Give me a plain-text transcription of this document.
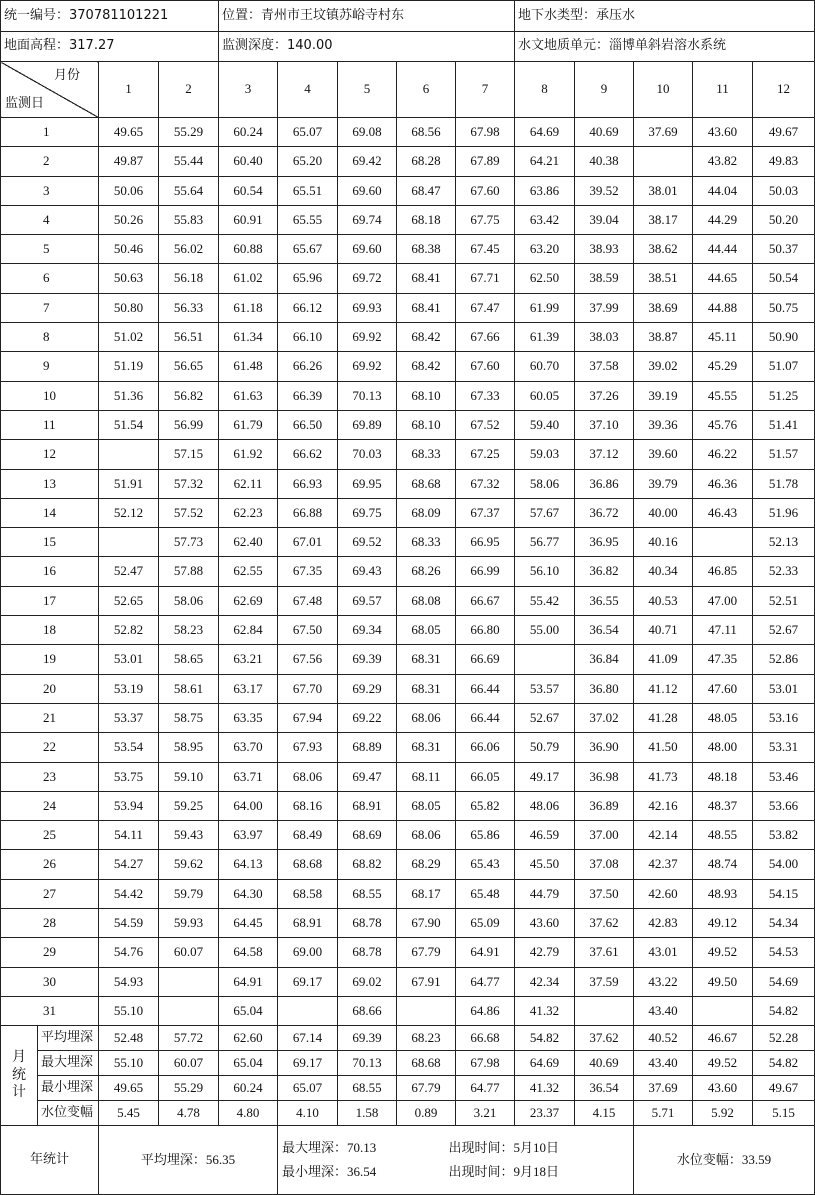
统一编号：370781101221				位置：青州市王坟镇苏峪寺村东					地下水类型：承压水				
地面高程：317.27				监测深度：140.00					水文地质单元：淄博单斜岩溶水系统				

月份
监测日		1	2	3	4	5	6	7	8	9	10	11	12
1		49.65	55.29	60.24	65.07	69.08	68.56	67.98	64.69	40.69	37.69	43.60	49.67
2		49.87	55.44	60.40	65.20	69.42	68.28	67.89	64.21	40.38		43.82	49.83
3		50.06	55.64	60.54	65.51	69.60	68.47	67.60	63.86	39.52	38.01	44.04	50.03
4		50.26	55.83	60.91	65.55	69.74	68.18	67.75	63.42	39.04	38.17	44.29	50.20
5		50.46	56.02	60.88	65.67	69.60	68.38	67.45	63.20	38.93	38.62	44.44	50.37
6		50.63	56.18	61.02	65.96	69.72	68.41	67.71	62.50	38.59	38.51	44.65	50.54
7		50.80	56.33	61.18	66.12	69.93	68.41	67.47	61.99	37.99	38.69	44.88	50.75
8		51.02	56.51	61.34	66.10	69.92	68.42	67.66	61.39	38.03	38.87	45.11	50.90
9		51.19	56.65	61.48	66.26	69.92	68.42	67.60	60.70	37.58	39.02	45.29	51.07
10		51.36	56.82	61.63	66.39	70.13	68.10	67.33	60.05	37.26	39.19	45.55	51.25
11		51.54	56.99	61.79	66.50	69.89	68.10	67.52	59.40	37.10	39.36	45.76	51.41
12			57.15	61.92	66.62	70.03	68.33	67.25	59.03	37.12	39.60	46.22	51.57
13		51.91	57.32	62.11	66.93	69.95	68.68	67.32	58.06	36.86	39.79	46.36	51.78
14		52.12	57.52	62.23	66.88	69.75	68.09	67.37	57.67	36.72	40.00	46.43	51.96
15			57.73	62.40	67.01	69.52	68.33	66.95	56.77	36.95	40.16		52.13
16		52.47	57.88	62.55	67.35	69.43	68.26	66.99	56.10	36.82	40.34	46.85	52.33
17		52.65	58.06	62.69	67.48	69.57	68.08	66.67	55.42	36.55	40.53	47.00	52.51
18		52.82	58.23	62.84	67.50	69.34	68.05	66.80	55.00	36.54	40.71	47.11	52.67
19		53.01	58.65	63.21	67.56	69.39	68.31	66.69		36.84	41.09	47.35	52.86
20		53.19	58.61	63.17	67.70	69.29	68.31	66.44	53.57	36.80	41.12	47.60	53.01
21		53.37	58.75	63.35	67.94	69.22	68.06	66.44	52.67	37.02	41.28	48.05	53.16
22		53.54	58.95	63.70	67.93	68.89	68.31	66.06	50.79	36.90	41.50	48.00	53.31
23		53.75	59.10	63.71	68.06	69.47	68.11	66.05	49.17	36.98	41.73	48.18	53.46
24		53.94	59.25	64.00	68.16	68.91	68.05	65.82	48.06	36.89	42.16	48.37	53.66
25		54.11	59.43	63.97	68.49	68.69	68.06	65.86	46.59	37.00	42.14	48.55	53.82
26		54.27	59.62	64.13	68.68	68.82	68.29	65.43	45.50	37.08	42.37	48.74	54.00
27		54.42	59.79	64.30	68.58	68.55	68.17	65.48	44.79	37.50	42.60	48.93	54.15
28		54.59	59.93	64.45	68.91	68.78	67.90	65.09	43.60	37.62	42.83	49.12	54.34
29		54.76	60.07	64.58	69.00	68.78	67.79	64.91	42.79	37.61	43.01	49.52	54.53
30		54.93		64.91	69.17	69.02	67.91	64.77	42.34	37.59	43.22	49.50	54.69
31		55.10		65.04		68.66		64.86	41.32		43.40		54.82
月统计	平均埋深	52.48	57.72	62.60	67.14	69.39	68.23	66.68	54.82	37.62	40.52	46.67	52.28
	最大埋深	55.10	60.07	65.04	69.17	70.13	68.68	67.98	64.69	40.69	43.40	49.52	54.82
	最小埋深	49.65	55.29	60.24	65.07	68.55	67.79	64.77	41.32	36.54	37.69	43.60	49.67
	水位变幅	5.45	4.78	4.80	4.10	1.58	0.89	3.21	23.37	4.15	5.71	5.92	5.15
年统计		平均埋深：56.35			最大埋深：70.13 出现时间：5月10日
最小埋深：36.54 出现时间：9月18日						水位变幅：33.59		
